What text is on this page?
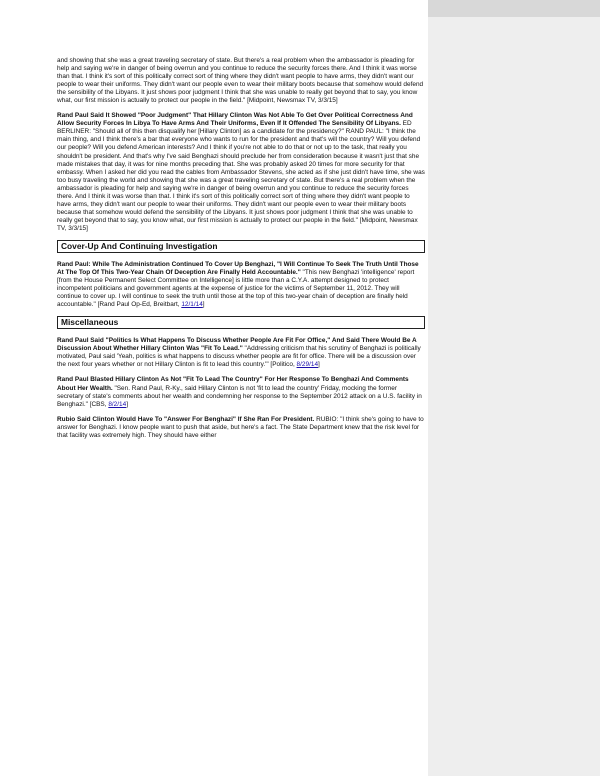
and showing that she was a great traveling secretary of state. But there's a real problem when the ambassador is pleading for help and saying we're in danger of being overrun and you continue to reduce the security forces there. And I think it was worse than that. I think it's sort of this politically correct sort of thing where they didn't want people to have arms, they didn't want our people to wear their uniforms. They didn't want our people even to wear their military boots because that somehow would defend the sensibility of the Libyans. It just shows poor judgment I think that she was unable to really get beyond that to say, you know what, our first mission is actually to protect our people in the field." [Midpoint, Newsmax TV, 3/3/15]

Rand Paul Said It Showed "Poor Judgment" That Hillary Clinton Was Not Able To Get Over Political Correctness And Allow Security Forces In Libya To Have Arms And Their Uniforms, Even If It Offended The Sensibility Of Libyans. ED BERLINER: "Should all of this then disqualify her [Hillary Clinton] as a candidate for the presidency?" RAND PAUL: "I think the main thing, and I think there's a bar that everyone who wants to run for the president and that's will the country? Will you defend our people? Will you defend American interests? And I think if you're not able to do that or not up to the task, that really you shouldn't be president. And that's why I've said Benghazi should preclude her from consideration because it wasn't just that she made mistakes that day, it was for nine months preceding that. She was probably asked 20 times for more security for that embassy. When I asked her did you read the cables from Ambassador Stevens, she acted as if she just didn't have time, she was too busy traveling the world and showing that she was a great traveling secretary of state. But there's a real problem when the ambassador is pleading for help and saying we're in danger of being overrun and you continue to reduce the security forces there. And I think it was worse than that. I think it's sort of this politically correct sort of thing where they didn't want people to have arms, they didn't want our people to wear their uniforms. They didn't want our people even to wear their military boots because that somehow would defend the sensibility of the Libyans. It just shows poor judgment I think that she was unable to really get beyond that to say, you know what, our first mission is actually to protect our people in the field." [Midpoint, Newsmax TV, 3/3/15]

Cover-Up And Continuing Investigation

Rand Paul: While The Administration Continued To Cover Up Benghazi, "I Will Continue To Seek The Truth Until Those At The Top Of This Two-Year Chain Of Deception Are Finally Held Accountable." "This new Benghazi 'intelligence' report [from the House Permanent Select Committee on Intelligence] is little more than a C.Y.A. attempt designed to protect incompetent politicians and government agents at the expense of justice for the victims of September 11, 2012. They will continue to cover up. I will continue to seek the truth until those at the top of this two-year chain of deception are finally held accountable." [Rand Paul Op-Ed, Breitbart, 12/1/14]

Miscellaneous

Rand Paul Said "Politics Is What Happens To Discuss Whether People Are Fit For Office," And Said There Would Be A Discussion About Whether Hillary Clinton Was "Fit To Lead." "Addressing criticism that his scrutiny of Benghazi is politically motivated, Paul said 'Yeah, politics is what happens to discuss whether people are fit for office. There will be a discussion over the next four years whether or not Hillary Clinton is fit to lead this country.'" [Politico, 8/29/14]

Rand Paul Blasted Hillary Clinton As Not "Fit To Lead The Country" For Her Response To Benghazi And Comments About Her Wealth. "Sen. Rand Paul, R-Ky., said Hillary Clinton is not 'fit to lead the country' Friday, mocking the former secretary of state's comments about her wealth and condemning her response to the September 2012 attack on a U.S. facility in Benghazi." [CBS, 8/2/14]

Rubio Said Clinton Would Have To "Answer For Benghazi" If She Ran For President. RUBIO: "I think she's going to have to answer for Benghazi. I know people want to push that aside, but here's a fact. The State Department knew that the risk level for that facility was extremely high. They should have either
